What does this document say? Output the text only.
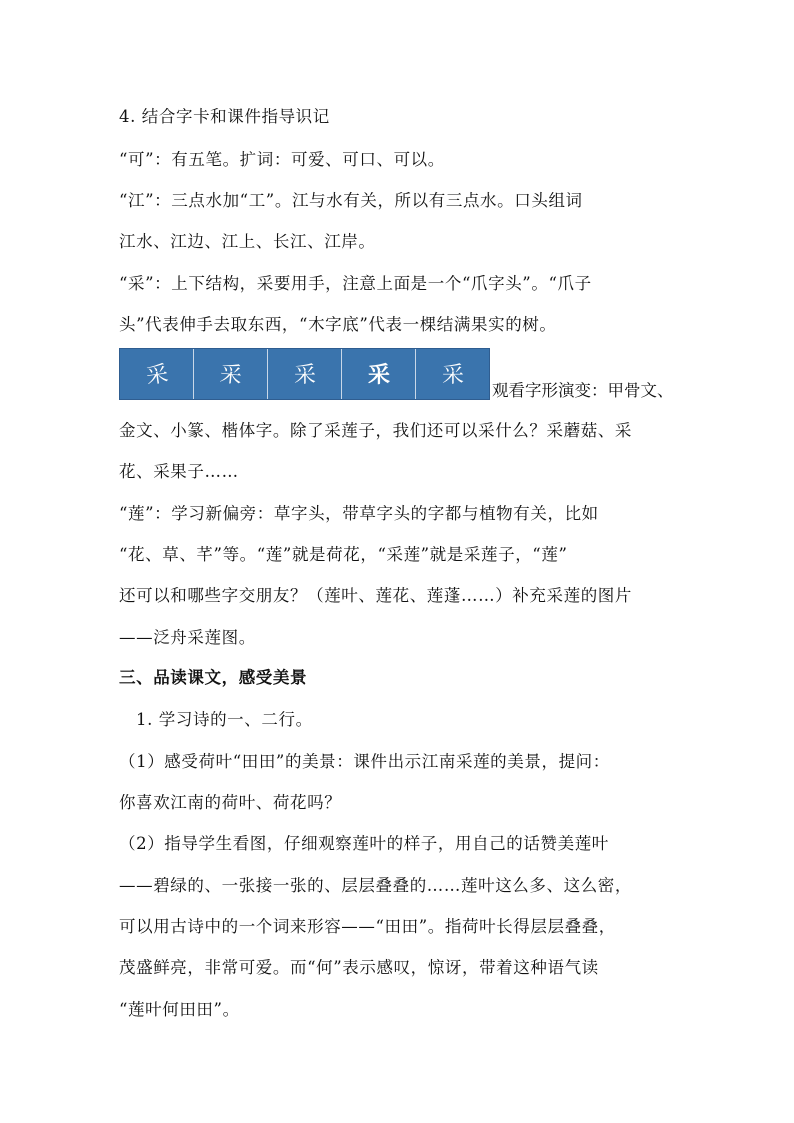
4. 结合字卡和课件指导识记
“可”：有五笔。扩词：可爱、可口、可以。
“江”：三点水加“工”。江与水有关，所以有三点水。口头组词
江水、江边、江上、长江、江岸。
“采”：上下结构，采要用手，注意上面是一个“爪字头”。“爪子
头”代表伸手去取东西，“木字底”代表一棵结满果实的树。
采 采 采 采 采
观看字形演变：甲骨文、
金文、小篆、楷体字。除了采莲子，我们还可以采什么？采蘑菇、采
花、采果子……
“莲”：学习新偏旁：草字头，带草字头的字都与植物有关，比如
“花、草、芊”等。“莲”就是荷花，“采莲”就是采莲子，“莲”
还可以和哪些字交朋友？（莲叶、莲花、莲蓬……）补充采莲的图片
——泛舟采莲图。
三、品读课文，感受美景
1. 学习诗的一、二行。
（1）感受荷叶“田田”的美景：课件出示江南采莲的美景，提问：
你喜欢江南的荷叶、荷花吗？
（2）指导学生看图，仔细观察莲叶的样子，用自己的话赞美莲叶
——碧绿的、一张接一张的、层层叠叠的……莲叶这么多、这么密，
可以用古诗中的一个词来形容——“田田”。指荷叶长得层层叠叠，
茂盛鲜亮，非常可爱。而“何”表示感叹，惊讶，带着这种语气读
“莲叶何田田”。
